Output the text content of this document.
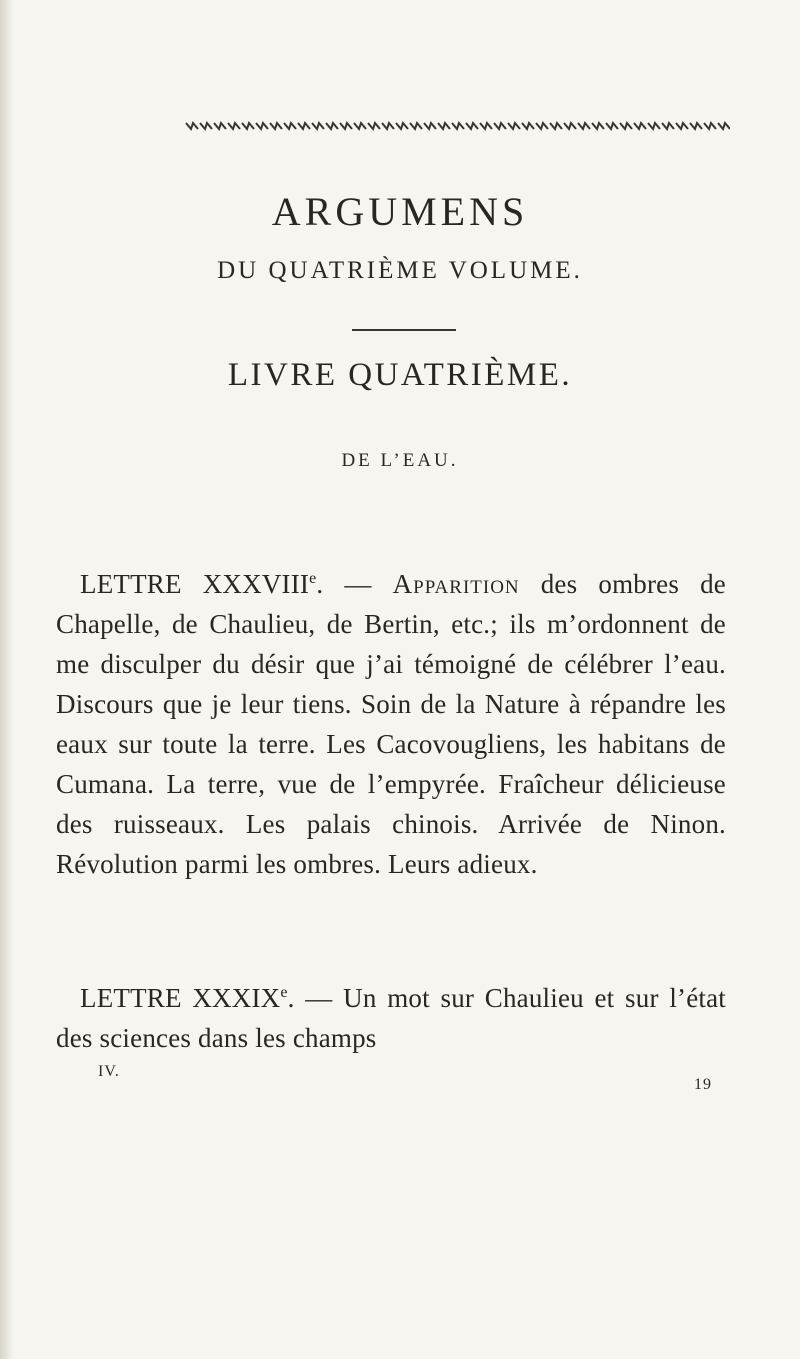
ARGUMENS
DU QUATRIÈME VOLUME.
LIVRE QUATRIÈME.
DE L’EAU.

LETTRE XXXVIIIe. — Apparition des ombres de Chapelle, de Chaulieu, de Bertin, etc.; ils m’ordonnent de me disculper du désir que j’ai témoigné de célébrer l’eau. Discours que je leur tiens. Soin de la Nature à répandre les eaux sur toute la terre. Les Cacovougliens, les habitans de Cumana. La terre, vue de l’empyrée. Fraîcheur délicieuse des ruisseaux. Les palais chinois. Arrivée de Ninon. Révolution parmi les ombres. Leurs adieux.

LETTRE XXXIXe. — Un mot sur Chaulieu et sur l’état des sciences dans les champs

IV.
19
